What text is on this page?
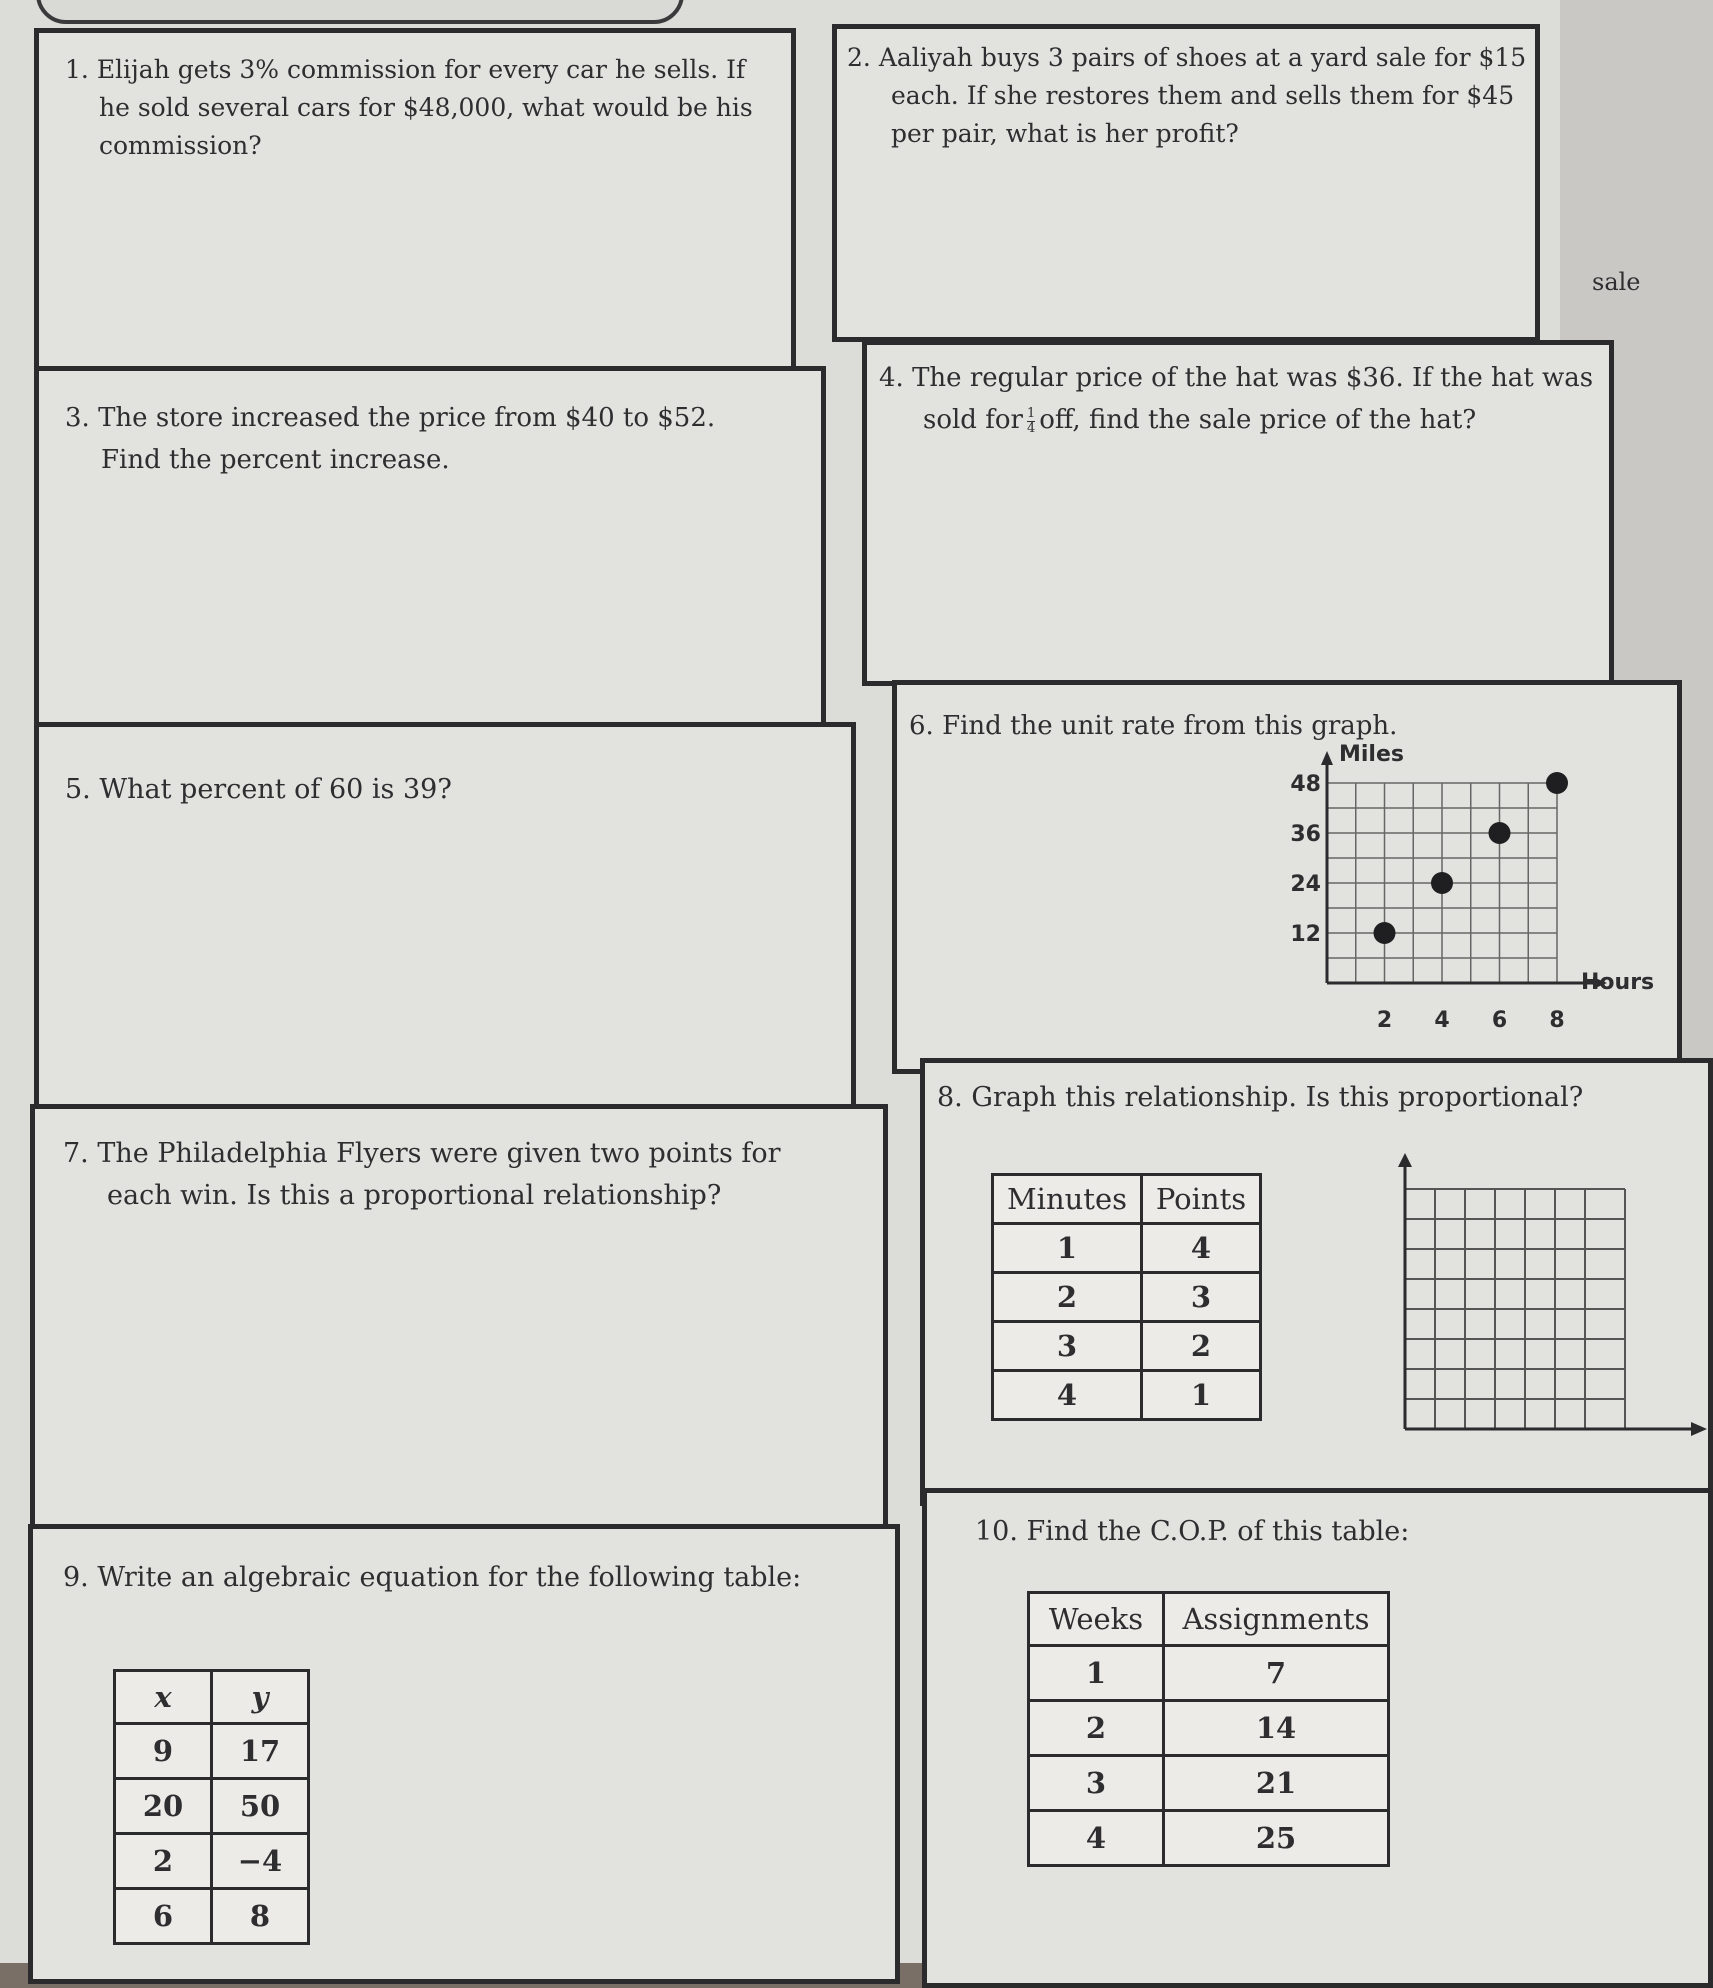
sale
1. Elijah gets 3% commission for every car he sells. If
he sold several cars for $48,000, what would be his
commission?
2. Aaliyah buys 3 pairs of shoes at a yard sale for $15
each. If she restores them and sells them for $45
per pair, what is her profit?
3. The store increased the price from $40 to $52.
Find the percent increase.
4. The regular price of the hat was $36. If the hat was
sold for $\frac{1}{4}$ off, find the sale price of the hat?
5. What percent of 60 is 39?
6. Find the unit rate from this graph.
Miles
Hours
12
24
36
48
2 4 6 8
7. The Philadelphia Flyers were given two points for
each win. Is this a proportional relationship?
8. Graph this relationship. Is this proportional?
Minutes	Points
1	4
2	3
3	2
4	1
9. Write an algebraic equation for the following table:
x	y
9	17
20	50
2	−4
6	8
10. Find the C.O.P. of this table:
Weeks	Assignments
1	7
2	14
3	21
4	25
